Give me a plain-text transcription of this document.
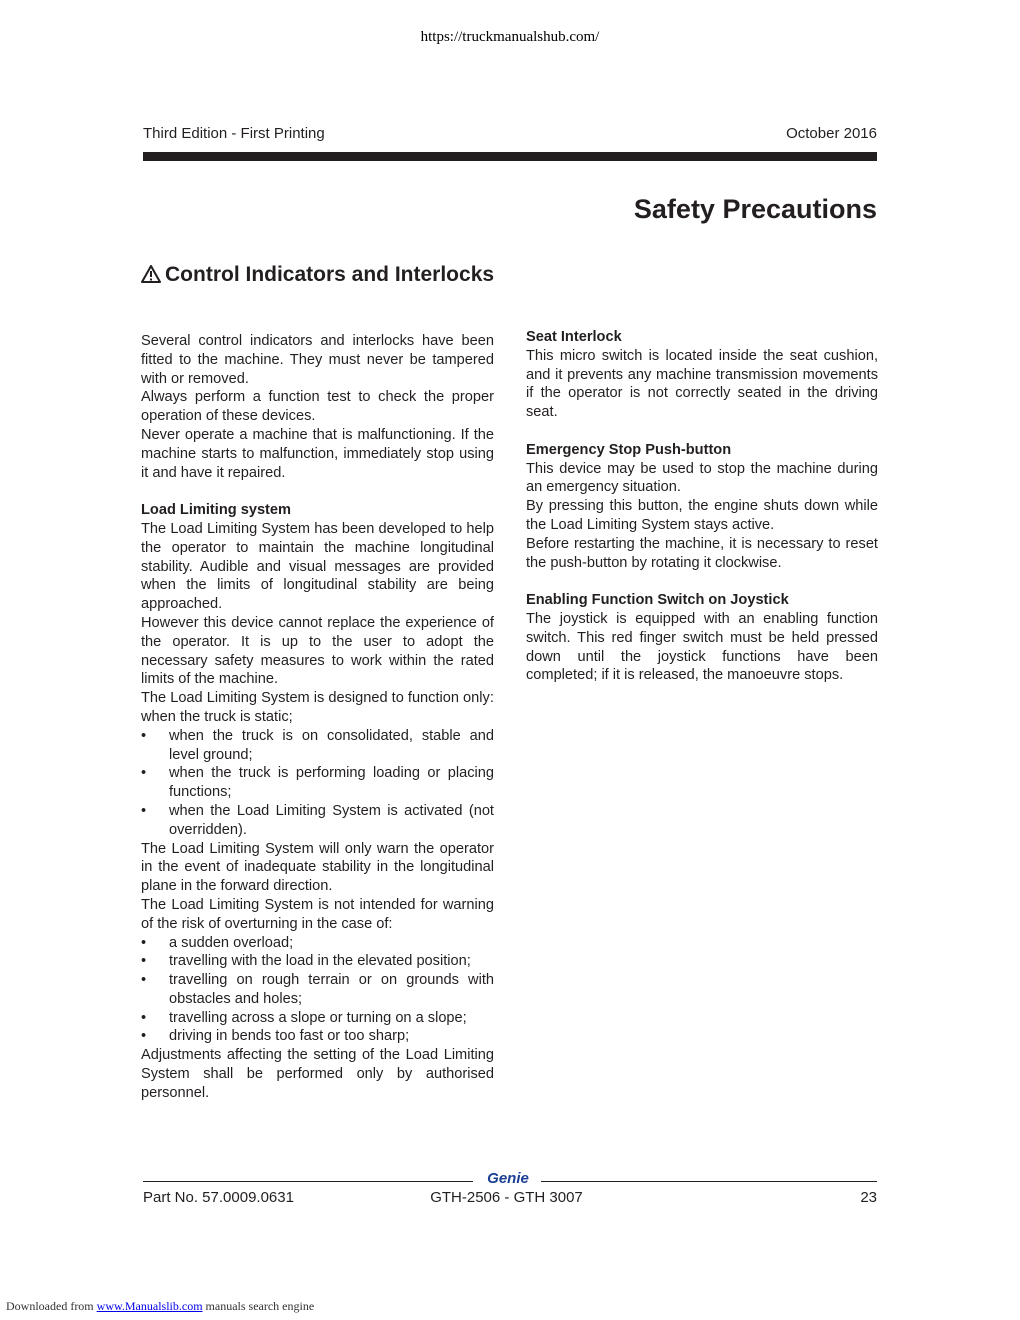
https://truckmanualshub.com/
Third Edition - First Printing	October 2016
Safety Precautions
Control Indicators and Interlocks

Several control indicators and interlocks have been fitted to the machine. They must never be tampered with or removed.

Always perform a function test to check the proper operation of these devices.

Never operate a machine that is malfunctioning. If the machine starts to malfunction, immediately stop using it and have it repaired.

Load Limiting system

The Load Limiting System has been developed to help the operator to maintain the machine longitudinal stability. Audible and visual messages are provided when the limits of longitudinal stability are being approached.

However this device cannot replace the experience of the operator. It is up to the user to adopt the necessary safety measures to work within the rated limits of the machine.

The Load Limiting System is designed to function only:

when the truck is static;

• when the truck is on consolidated, stable and level ground;
• when the truck is performing loading or placing functions;
• when the Load Limiting System is activated (not overridden).

The Load Limiting System will only warn the operator in the event of inadequate stability in the longitudinal plane in the forward direction.

The Load Limiting System is not intended for warning of the risk of overturning in the case of:

• a sudden overload;
• travelling with the load in the elevated position;
• travelling on rough terrain or on grounds with obstacles and holes;
• travelling across a slope or turning on a slope;
• driving in bends too fast or too sharp;

Adjustments affecting the setting of the Load Limiting System shall be performed only by authorised personnel.

Seat Interlock

This micro switch is located inside the seat cushion, and it prevents any machine transmission movements if the operator is not correctly seated in the driving seat.

Emergency Stop Push-button

This device may be used to stop the machine during an emergency situation.

By pressing this button, the engine shuts down while the Load Limiting System stays active.

Before restarting the machine, it is necessary to reset the push-button by rotating it clockwise.

Enabling Function Switch on Joystick

The joystick is equipped with an enabling function switch. This red finger switch must be held pressed down until the joystick functions have been completed; if it is released, the manoeuvre stops.

Genie
Part No. 57.0009.0631	GTH-2506 - GTH 3007	23
Downloaded from www.Manualslib.com manuals search engine
